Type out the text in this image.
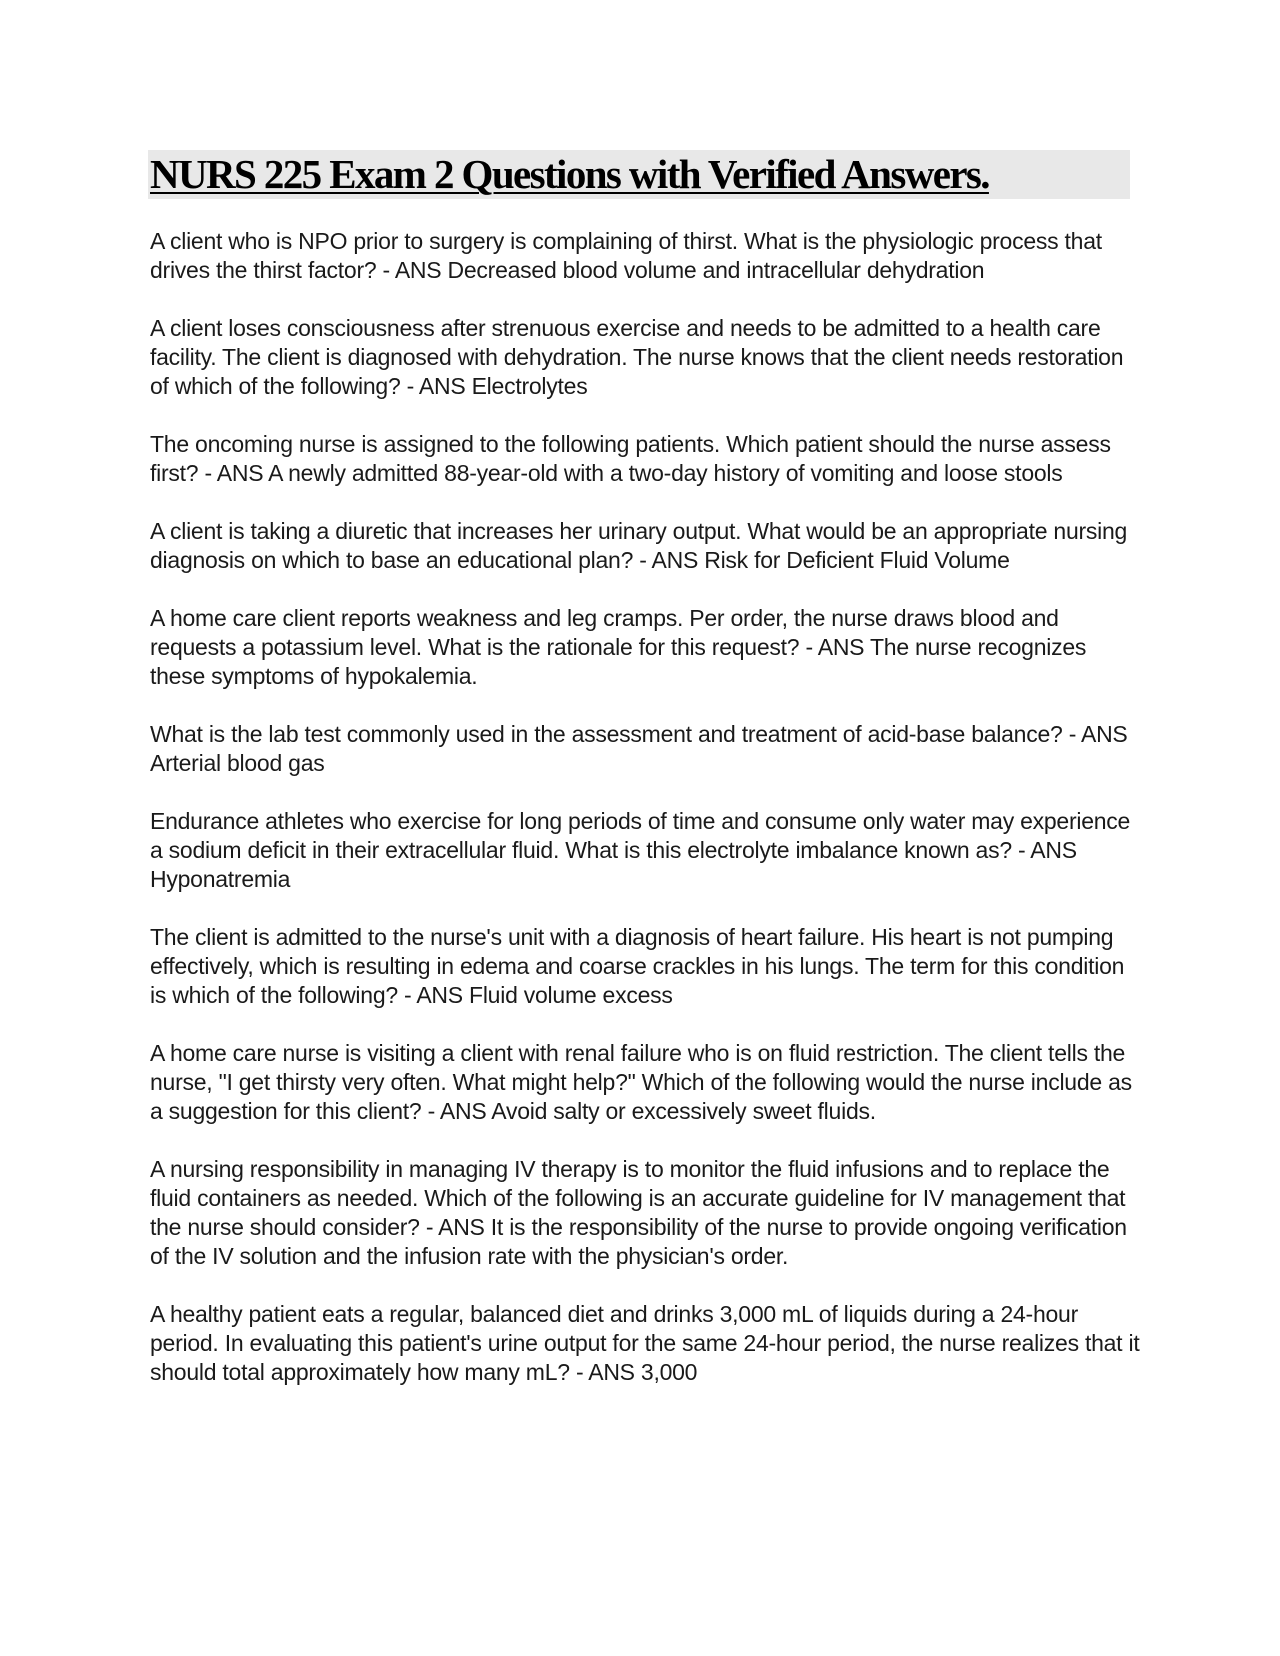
NURS 225 Exam 2 Questions with Verified Answers.

A client who is NPO prior to surgery is complaining of thirst. What is the physiologic process that drives the thirst factor? - ANS Decreased blood volume and intracellular dehydration

A client loses consciousness after strenuous exercise and needs to be admitted to a health care facility. The client is diagnosed with dehydration. The nurse knows that the client needs restoration of which of the following? - ANS Electrolytes

The oncoming nurse is assigned to the following patients. Which patient should the nurse assess first? - ANS A newly admitted 88-year-old with a two-day history of vomiting and loose stools

A client is taking a diuretic that increases her urinary output. What would be an appropriate nursing diagnosis on which to base an educational plan? - ANS Risk for Deficient Fluid Volume

A home care client reports weakness and leg cramps. Per order, the nurse draws blood and requests a potassium level. What is the rationale for this request? - ANS The nurse recognizes these symptoms of hypokalemia.

What is the lab test commonly used in the assessment and treatment of acid-base balance? - ANS Arterial blood gas

Endurance athletes who exercise for long periods of time and consume only water may experience a sodium deficit in their extracellular fluid. What is this electrolyte imbalance known as? - ANS Hyponatremia

The client is admitted to the nurse's unit with a diagnosis of heart failure. His heart is not pumping effectively, which is resulting in edema and coarse crackles in his lungs. The term for this condition is which of the following? - ANS Fluid volume excess

A home care nurse is visiting a client with renal failure who is on fluid restriction. The client tells the nurse, "I get thirsty very often. What might help?" Which of the following would the nurse include as a suggestion for this client? - ANS Avoid salty or excessively sweet fluids.

A nursing responsibility in managing IV therapy is to monitor the fluid infusions and to replace the fluid containers as needed. Which of the following is an accurate guideline for IV management that the nurse should consider? - ANS It is the responsibility of the nurse to provide ongoing verification of the IV solution and the infusion rate with the physician's order.

A healthy patient eats a regular, balanced diet and drinks 3,000 mL of liquids during a 24-hour period. In evaluating this patient's urine output for the same 24-hour period, the nurse realizes that it should total approximately how many mL? - ANS 3,000
